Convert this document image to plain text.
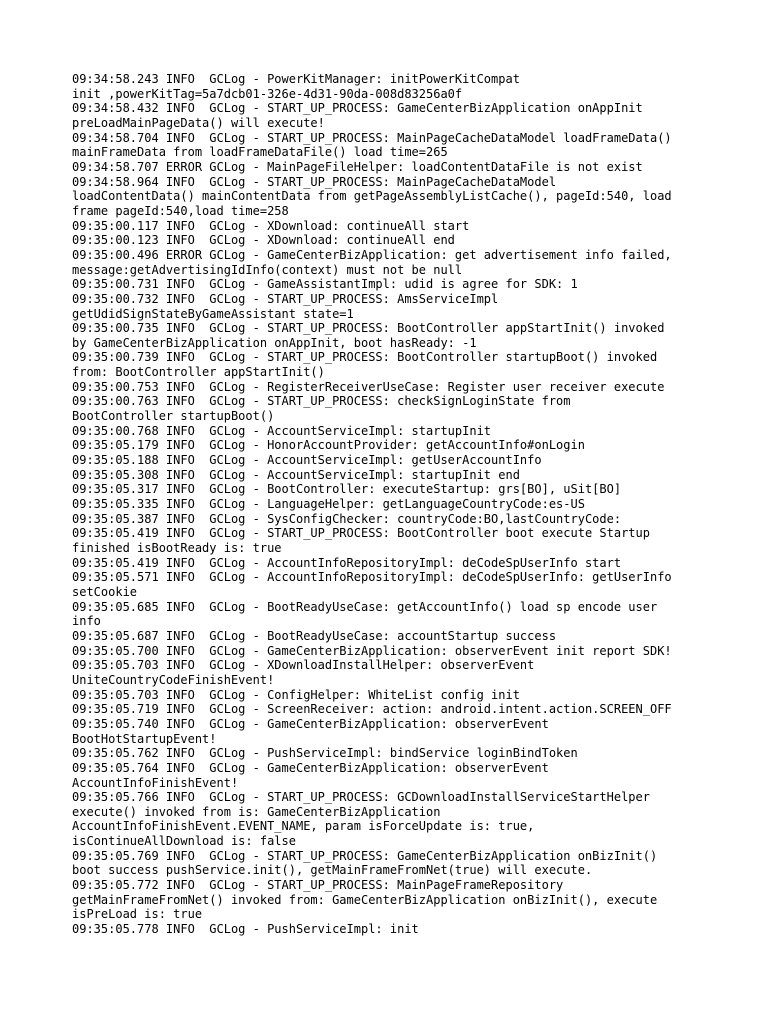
09:34:58.243 INFO  GCLog - PowerKitManager: initPowerKitCompat
init ,powerKitTag=5a7dcb01-326e-4d31-90da-008d83256a0f
09:34:58.432 INFO  GCLog - START_UP_PROCESS: GameCenterBizApplication onAppInit
preLoadMainPageData() will execute!
09:34:58.704 INFO  GCLog - START_UP_PROCESS: MainPageCacheDataModel loadFrameData()
mainFrameData from loadFrameDataFile() load time=265
09:34:58.707 ERROR GCLog - MainPageFileHelper: loadContentDataFile is not exist
09:34:58.964 INFO  GCLog - START_UP_PROCESS: MainPageCacheDataModel
loadContentData() mainContentData from getPageAssemblyListCache(), pageId:540, load
frame pageId:540,load time=258
09:35:00.117 INFO  GCLog - XDownload: continueAll start
09:35:00.123 INFO  GCLog - XDownload: continueAll end
09:35:00.496 ERROR GCLog - GameCenterBizApplication: get advertisement info failed,
message:getAdvertisingIdInfo(context) must not be null
09:35:00.731 INFO  GCLog - GameAssistantImpl: udid is agree for SDK: 1
09:35:00.732 INFO  GCLog - START_UP_PROCESS: AmsServiceImpl
getUdidSignStateByGameAssistant state=1
09:35:00.735 INFO  GCLog - START_UP_PROCESS: BootController appStartInit() invoked
by GameCenterBizApplication onAppInit, boot hasReady: -1
09:35:00.739 INFO  GCLog - START_UP_PROCESS: BootController startupBoot() invoked
from: BootController appStartInit()
09:35:00.753 INFO  GCLog - RegisterReceiverUseCase: Register user receiver execute
09:35:00.763 INFO  GCLog - START_UP_PROCESS: checkSignLoginState from
BootController startupBoot()
09:35:00.768 INFO  GCLog - AccountServiceImpl: startupInit
09:35:05.179 INFO  GCLog - HonorAccountProvider: getAccountInfo#onLogin
09:35:05.188 INFO  GCLog - AccountServiceImpl: getUserAccountInfo
09:35:05.308 INFO  GCLog - AccountServiceImpl: startupInit end
09:35:05.317 INFO  GCLog - BootController: executeStartup: grs[BO], uSit[BO]
09:35:05.335 INFO  GCLog - LanguageHelper: getLanguageCountryCode:es-US
09:35:05.387 INFO  GCLog - SysConfigChecker: countryCode:BO,lastCountryCode:
09:35:05.419 INFO  GCLog - START_UP_PROCESS: BootController boot execute Startup
finished isBootReady is: true
09:35:05.419 INFO  GCLog - AccountInfoRepositoryImpl: deCodeSpUserInfo start
09:35:05.571 INFO  GCLog - AccountInfoRepositoryImpl: deCodeSpUserInfo: getUserInfo
setCookie
09:35:05.685 INFO  GCLog - BootReadyUseCase: getAccountInfo() load sp encode user
info
09:35:05.687 INFO  GCLog - BootReadyUseCase: accountStartup success
09:35:05.700 INFO  GCLog - GameCenterBizApplication: observerEvent init report SDK!
09:35:05.703 INFO  GCLog - XDownloadInstallHelper: observerEvent
UniteCountryCodeFinishEvent!
09:35:05.703 INFO  GCLog - ConfigHelper: WhiteList config init
09:35:05.719 INFO  GCLog - ScreenReceiver: action: android.intent.action.SCREEN_OFF
09:35:05.740 INFO  GCLog - GameCenterBizApplication: observerEvent
BootHotStartupEvent!
09:35:05.762 INFO  GCLog - PushServiceImpl: bindService loginBindToken
09:35:05.764 INFO  GCLog - GameCenterBizApplication: observerEvent
AccountInfoFinishEvent!
09:35:05.766 INFO  GCLog - START_UP_PROCESS: GCDownloadInstallServiceStartHelper
execute() invoked from is: GameCenterBizApplication
AccountInfoFinishEvent.EVENT_NAME, param isForceUpdate is: true,
isContinueAllDownload is: false
09:35:05.769 INFO  GCLog - START_UP_PROCESS: GameCenterBizApplication onBizInit()
boot success pushService.init(), getMainFrameFromNet(true) will execute.
09:35:05.772 INFO  GCLog - START_UP_PROCESS: MainPageFrameRepository
getMainFrameFromNet() invoked from: GameCenterBizApplication onBizInit(), execute
isPreLoad is: true
09:35:05.778 INFO  GCLog - PushServiceImpl: init
